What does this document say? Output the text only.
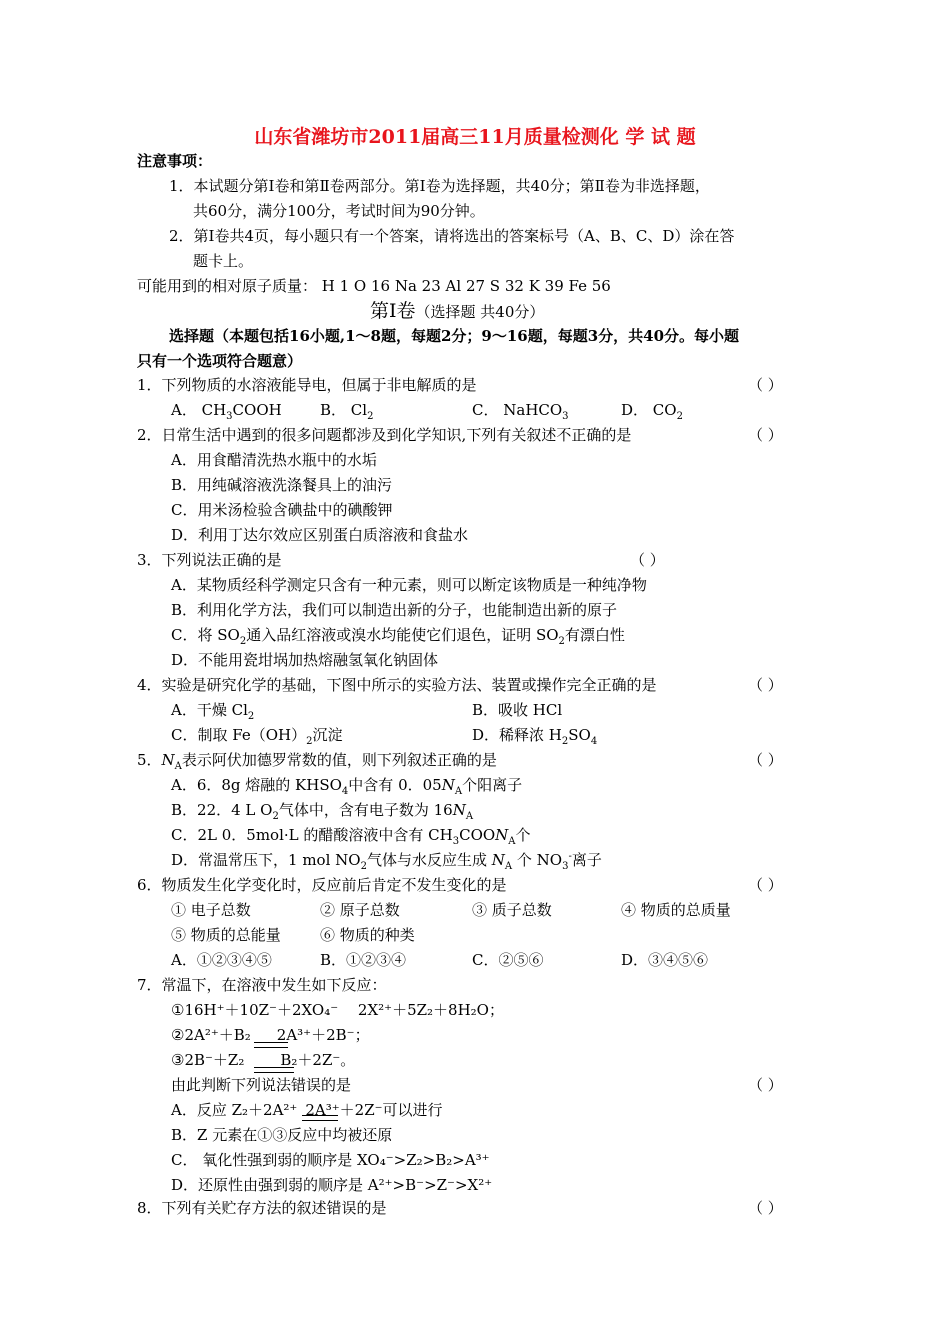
山东省潍坊市2011届高三11月质量检测化 学 试 题
注意事项：
1．本试题分第Ⅰ卷和第Ⅱ卷两部分。第Ⅰ卷为选择题，共40分；第Ⅱ卷为非选择题，
共60分，满分100分，考试时间为90分钟。
2．第Ⅰ卷共4页，每小题只有一个答案，请将选出的答案标号（A、B、C、D）涂在答
题卡上。
可能用到的相对原子质量： H 1 O 16 Na 23 Al 27 S 32 K 39 Fe 56
第Ⅰ卷（选择题 共40分）
选择题（本题包括16小题,1～8题，每题2分；9～16题，每题3分，共40分。每小题
只有一个选项符合题意）
1．下列物质的水溶液能导电，但属于非电解质的是	（ ）
A． $CH_3COOH$	B． $Cl_2$	C． NaHCO$_3$	D． $CO_2$
2．日常生活中遇到的很多问题都涉及到化学知识,下列有关叙述不正确的是	（ ）
A．用食醋清洗热水瓶中的水垢
B．用纯碱溶液洗涤餐具上的油污
C．用米汤检验含碘盐中的碘酸钾
D．利用丁达尔效应区别蛋白质溶液和食盐水
3．下列说法正确的是	（ ）
A．某物质经科学测定只含有一种元素，则可以断定该物质是一种纯净物
B．利用化学方法，我们可以制造出新的分子，也能制造出新的原子
C．将 $SO_2$通入品红溶液或溴水均能使它们退色，证明 $SO_2$有漂白性
D．不能用瓷坩埚加热熔融氢氧化钠固体
4．实验是研究化学的基础，下图中所示的实验方法、装置或操作完全正确的是	（ ）
A．干燥 $Cl_2$	B．吸收 HCl
C．制取 $Fe(OH)_2$沉淀	D．稀释浓 $H_2SO_4$
5．$N_A$表示阿伏加德罗常数的值，则下列叙述正确的是	（ ）
A．6．8g 熔融的 $KHSO_4$中含有 0．$05N_A$个阳离子
B．22．4 L $O_2$气体中，含有电子数为 $16N_A$
C．2L 0．5mol·L 的醋酸溶液中含有 $CH_3COON_A$个
D．常温常压下，1 mol $NO_2$气体与水反应生成 $N_A$ 个 $NO_3^-$离子
6．物质发生化学变化时，反应前后肯定不发生变化的是	（ ）
① 电子总数	② 原子总数	③ 质子总数	④ 物质的总质量
⑤ 物质的总能量	⑥ 物质的种类
A．①②③④⑤	B．①②③④	C．②⑤⑥	D．③④⑤⑥
7．常温下，在溶液中发生如下反应：
①16H⁺＋10Z⁻＋2XO₄⁻　 2X²⁺＋5Z₂＋8H₂O；
②2A²⁺＋B₂ 2A³⁺＋2B⁻；
③2B⁻＋Z₂ B₂＋2Z⁻。
由此判断下列说法错误的是	（ ）
A．反应 Z₂＋2A²⁺ 2A³⁺＋2Z⁻可以进行
B．Z 元素在①③反应中均被还原
C． 氧化性强到弱的顺序是 XO₄⁻>Z₂>B₂>A³⁺
D．还原性由强到弱的顺序是 A²⁺>B⁻>Z⁻>X²⁺
8．下列有关贮存方法的叙述错误的是	（ ）
